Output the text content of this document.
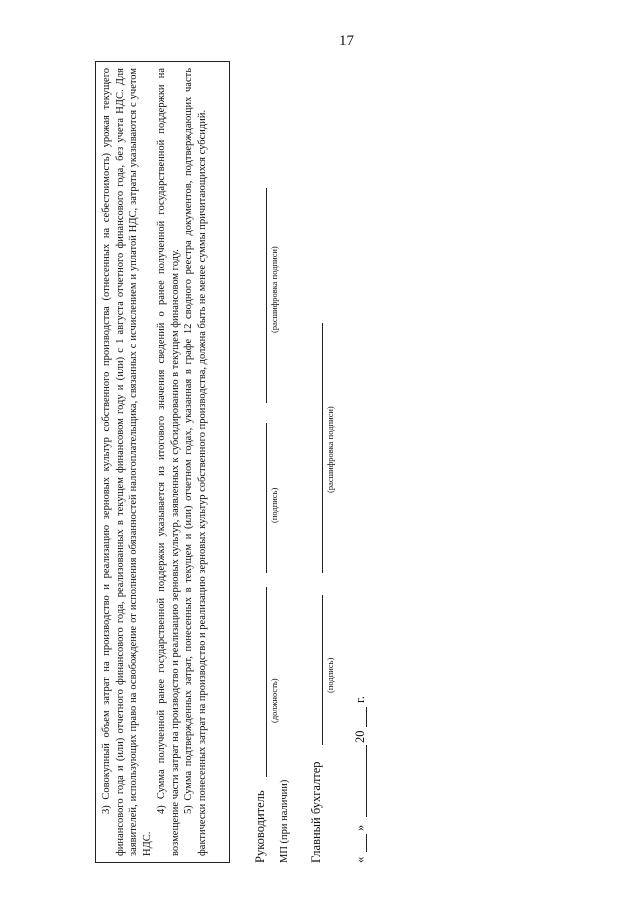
17

3) Совокупный объем затрат на производство и реализацию зерновых культур собственного производства (отнесенных на себестоимость) урожая текущего финансового года и (или) отчетного финансового года, реализованных в текущем финансовом году и (или) с 1 августа отчетного финансового года, без учета НДС. Для заявителей, использующих право на освобождение от исполнения обязанностей налогоплательщика, связанных с исчислением и уплатой НДС, затраты указываются с учетом НДС.

4) Сумма полученной ранее государственной поддержки указывается из итогового значения сведений о ранее полученной государственной поддержки на возмещение части затрат на производство и реализацию зерновых культур, заявленных к субсидированию в текущем финансовом году. 5) Сумма подтвержденных затрат, понесенных в текущем и (или) отчетном годах, указанная в графе 12 сводного реестра документов, подтверждающих часть фактически понесенных затрат на производство и реализацию зерновых культур собственного производства, должна быть не менее суммы причитающихся субсидий.	Руководитель
(должность)
(подпись)
(расшифровка подписи)
МП (при наличии) Главный бухгалтер
(подпись)
(расшифровка подписи)
«
»
20
г.
